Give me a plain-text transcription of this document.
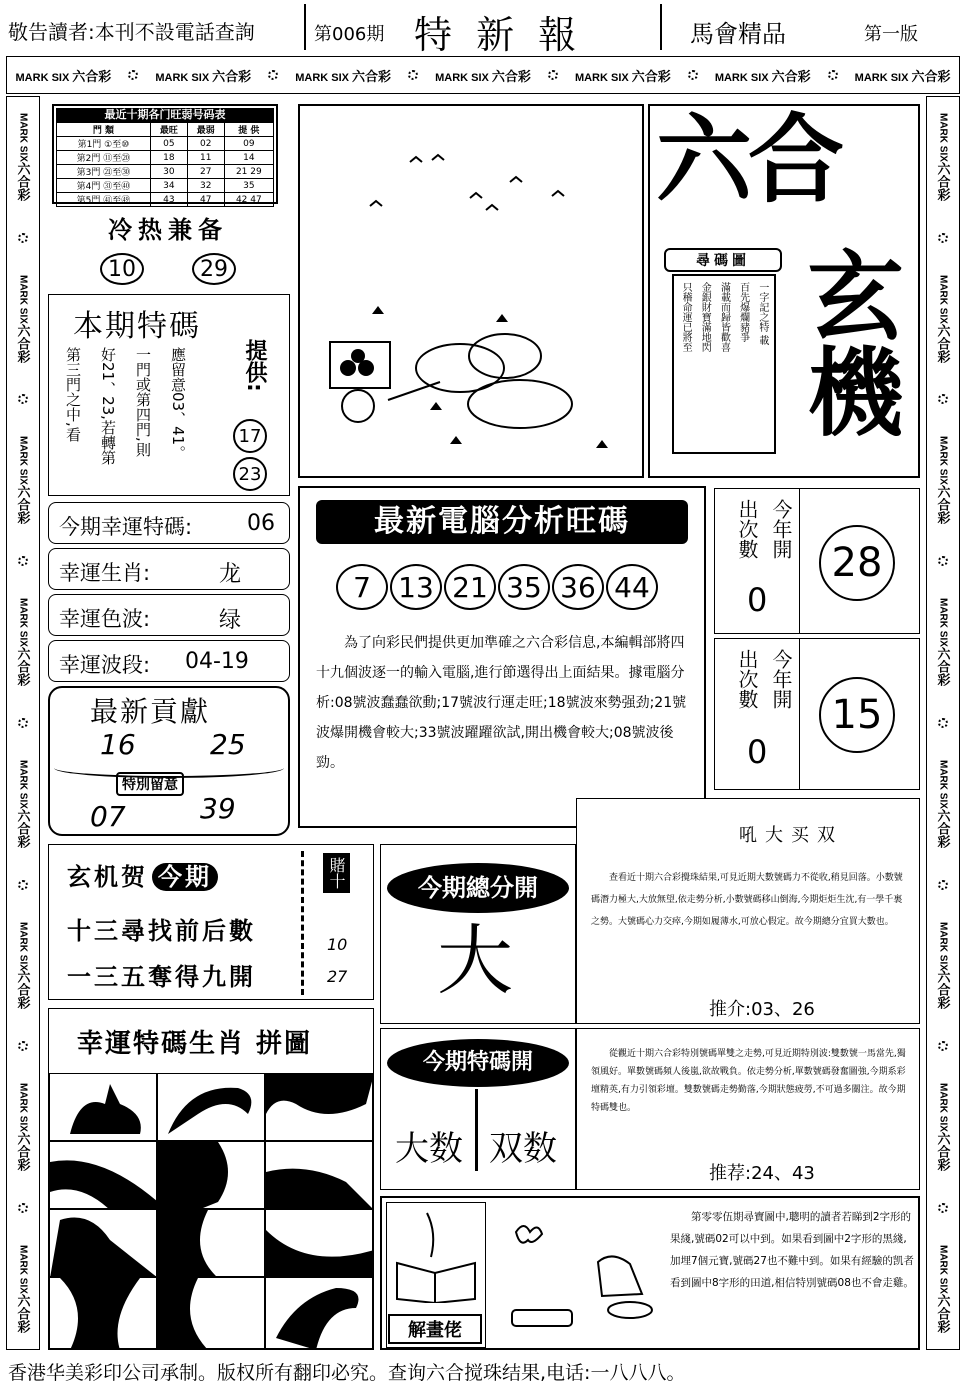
敬告讀者:本刊不設電話查詢	第006期 特 新 報	馬會精品	第一版
MARK SIX 六合彩	MARK SIX 六合彩	MARK SIX 六合彩	MARK SIX 六合彩	MARK SIX 六合彩	MARK SIX 六合彩	MARK SIX 六合彩
MARK SIX六合彩
MARK SIX六合彩
MARK SIX六合彩
MARK SIX六合彩
MARK SIX六合彩
MARK SIX六合彩
MARK SIX六合彩
MARK SIX六合彩
MARK SIX六合彩
MARK SIX六合彩
MARK SIX六合彩
MARK SIX六合彩
MARK SIX六合彩
MARK SIX六合彩
MARK SIX六合彩
MARK SIX六合彩
最近十期各门旺弱号码表
門 類	最旺	最弱	提 供
第1門 ①至⑩	05	02	09
第2門 ⑪至⑳	18	11	14
第3門 ㉑至㉚	30	27	21 29
第4門 ㉛至㊵	34	32	35
第5門 ㊶至㊾	43	47	42 47
冷热兼备
10	29
本期特碼
應留意03、41。
一門或第四門,則
好21、23,若轉第
第三門之中,看	提供:
17
23
今期幸運特碼: 06
幸運生肖:	龙
幸運色波:	绿
幸運波段: 04-19
最新貢獻
16	25
特別留意
07	39
玄机贺 今期
十三尋找前后數
一三五奪得九開
賭十
10
27
幸運特碼生肖 拼圖
六合
玄機
尋碼圖
一字記之特 載
百先爆爛豬爭
滿載而歸皆歡喜
金銀財寶滿地閃
只稽命運已將至
最新電腦分析旺碼
7 13 21 35 36 44
為了向彩民們提供更加準確之六合彩信息,本編輯部將四十九個波逐一的輸入電腦,進行節選得出上面結果。據電腦分析:08號波蠢蠢欲動;17號波行運走旺;18號波來勢强劲;21號波爆開機會較大;33號波躍躍欲試,開出機會較大;08號波後勁。
出次數 今年開
0
28
出次數 今年開
0
15
今期總分開
大
吼大买双
查看近十期六合彩攪珠結果,可見近期大數號碼力不從收,稍見回落。小數號碼潛力極大,大放無望,依走勢分析,小數號碼移山倒海,今期炬炬生沈,有一學千裏之勢。大號碼心力交瘁,今期如履薄水,可放心假定。故今期總分宜買大數也。
推介:03、26
今期特碼開
大数 双数
從觀近十期六合彩特別號碼單雙之走勢,可見近期特別波:雙數號一馬當先,獨領風好。單數號碼頻人後嵐,欲故戰負。依走勢分析,單數號碼發奮圖強,今期系彩壇精英,有力引領彩壇。雙數號碼走勢勤落,今期狀態疲勞,不可過多關注。故今期特碼雙也。
推荐:24、43
解畫佬
第零零伍期尋寶圖中,聰明的讀者若睇到2字形的果綫,號碼02可以中到。如果看到圖中2字形的黑綫,加埋7個元寶,號碼27也不難中到。如果有經驗的凯者看到圖中8字形的田道,相信特別號碼08也不會走雞。
香港华美彩印公司承制。版权所有翻印必究。查询六合搅珠结果,电话:一八八八。
